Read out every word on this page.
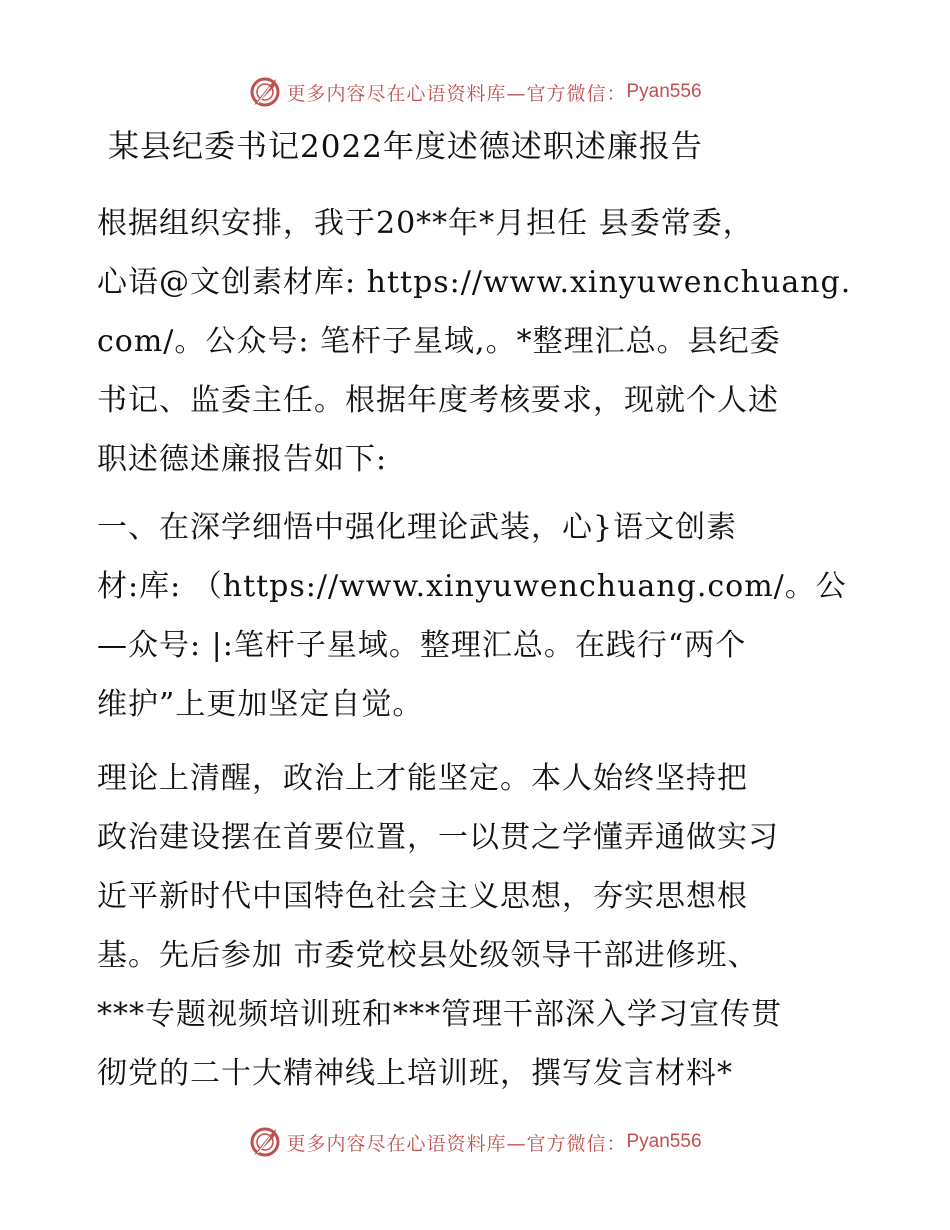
更多内容尽在心语资料库—官方微信： Pyan556
某县纪委书记2022年度述德述职述廉报告
根据组织安排，我于20**年*月担任 县委常委，
心语@文创素材库: https://www.xinyuwenchuang.
com/。公众号: 笔杆子星域,。*整理汇总。县纪委
书记、监委主任。根据年度考核要求，现就个人述
职述德述廉报告如下:
一、在深学细悟中强化理论武装，心}语文创素
材:库: （https://www.xinyuwenchuang.com/。公
—众号: |:笔杆子星域。整理汇总。在践行“两个
维护”上更加坚定自觉。
理论上清醒，政治上才能坚定。本人始终坚持把
政治建设摆在首要位置，一以贯之学懂弄通做实习
近平新时代中国特色社会主义思想，夯实思想根
基。先后参加 市委党校县处级领导干部进修班、
***专题视频培训班和***管理干部深入学习宣传贯
彻党的二十大精神线上培训班，撰写发言材料*
更多内容尽在心语资料库—官方微信： Pyan556
